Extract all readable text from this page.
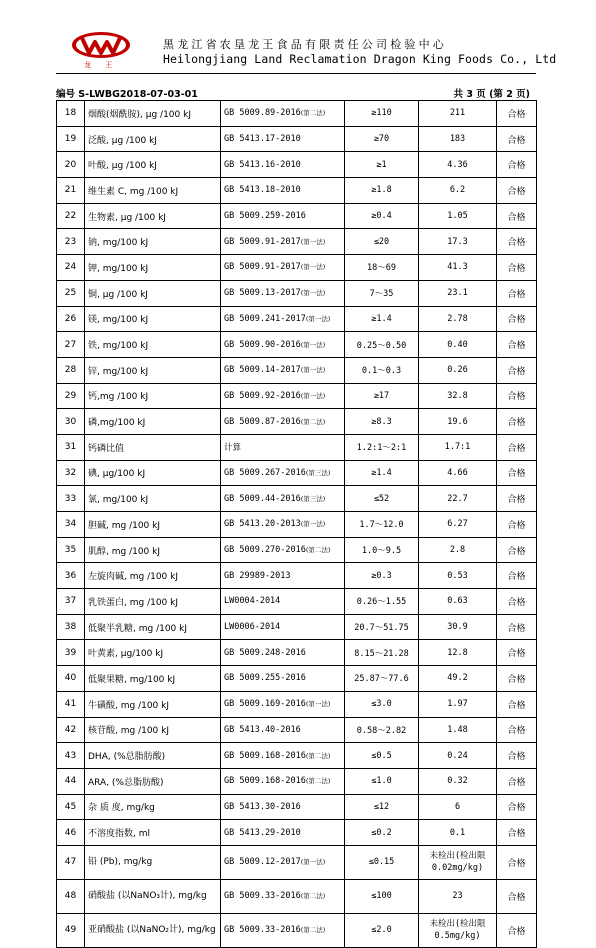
龙 王
黑龙江省农垦龙王食品有限责任公司检验中心
Heilongjiang Land Reclamation Dragon King Foods Co., Ltd
编号 S-LWBG2018-07-03-01	共 3 页 (第 2 页)
18	烟酸(烟酰胺), μg /100 kJ	GB 5009.89-2016(第二法)	≥110	211	合格
19	泛酸, μg /100 kJ	GB 5413.17-2010	≥70	183	合格
20	叶酸, μg /100 kJ	GB 5413.16-2010	≥1	4.36	合格
21	维生素 C, mg /100 kJ	GB 5413.18-2010	≥1.8	6.2	合格
22	生物素, μg /100 kJ	GB 5009.259-2016	≥0.4	1.05	合格
23	钠, mg/100 kJ	GB 5009.91-2017(第一法)	≤20	17.3	合格
24	钾, mg/100 kJ	GB 5009.91-2017(第一法)	18～69	41.3	合格
25	铜, μg /100 kJ	GB 5009.13-2017(第一法)	7～35	23.1	合格
26	镁, mg/100 kJ	GB 5009.241-2017(第一法)	≥1.4	2.78	合格
27	铁, mg/100 kJ	GB 5009.90-2016(第一法)	0.25～0.50	0.40	合格
28	锌, mg/100 kJ	GB 5009.14-2017(第一法)	0.1～0.3	0.26	合格
29	钙,mg /100 kJ	GB 5009.92-2016(第一法)	≥17	32.8	合格
30	磷,mg/100 kJ	GB 5009.87-2016(第二法)	≥8.3	19.6	合格
31	钙磷比值	计算	1.2:1～2:1	1.7:1	合格
32	碘, μg/100 kJ	GB 5009.267-2016(第三法)	≥1.4	4.66	合格
33	氯, mg/100 kJ	GB 5009.44-2016(第三法)	≤52	22.7	合格
34	胆碱, mg /100 kJ	GB 5413.20-2013(第一法)	1.7～12.0	6.27	合格
35	肌醇, mg /100 kJ	GB 5009.270-2016(第二法)	1.0～9.5	2.8	合格
36	左旋肉碱, mg /100 kJ	GB 29989-2013	≥0.3	0.53	合格
37	乳铁蛋白, mg /100 kJ	LW0004-2014	0.26～1.55	0.63	合格
38	低聚半乳糖, mg /100 kJ	LW0006-2014	20.7～51.75	30.9	合格
39	叶黄素, μg/100 kJ	GB 5009.248-2016	8.15～21.28	12.8	合格
40	低聚果糖, mg/100 kJ	GB 5009.255-2016	25.87～77.6	49.2	合格
41	牛磺酸, mg /100 kJ	GB 5009.169-2016(第一法)	≤3.0	1.97	合格
42	核苷酸, mg /100 kJ	GB 5413.40-2016	0.58～2.82	1.48	合格
43	DHA, (%总脂肪酸)	GB 5009.168-2016(第二法)	≤0.5	0.24	合格
44	ARA, (%总脂肪酸)	GB 5009.168-2016(第二法)	≤1.0	0.32	合格
45	杂 质 度, mg/kg	GB 5413.30-2016	≤12	6	合格
46	不溶度指数, ml	GB 5413.29-2010	≤0.2	0.1	合格
47	铅 (Pb), mg/kg	GB 5009.12-2017(第一法)	≤0.15	未检出(检出限0.02mg/kg)	合格
48	硝酸盐 (以NaNO₃计), mg/kg	GB 5009.33-2016(第二法)	≤100	23	合格
49	亚硝酸盐 (以NaNO₂计), mg/kg	GB 5009.33-2016(第二法)	≤2.0	未检出(检出限0.5mg/kg)	合格
